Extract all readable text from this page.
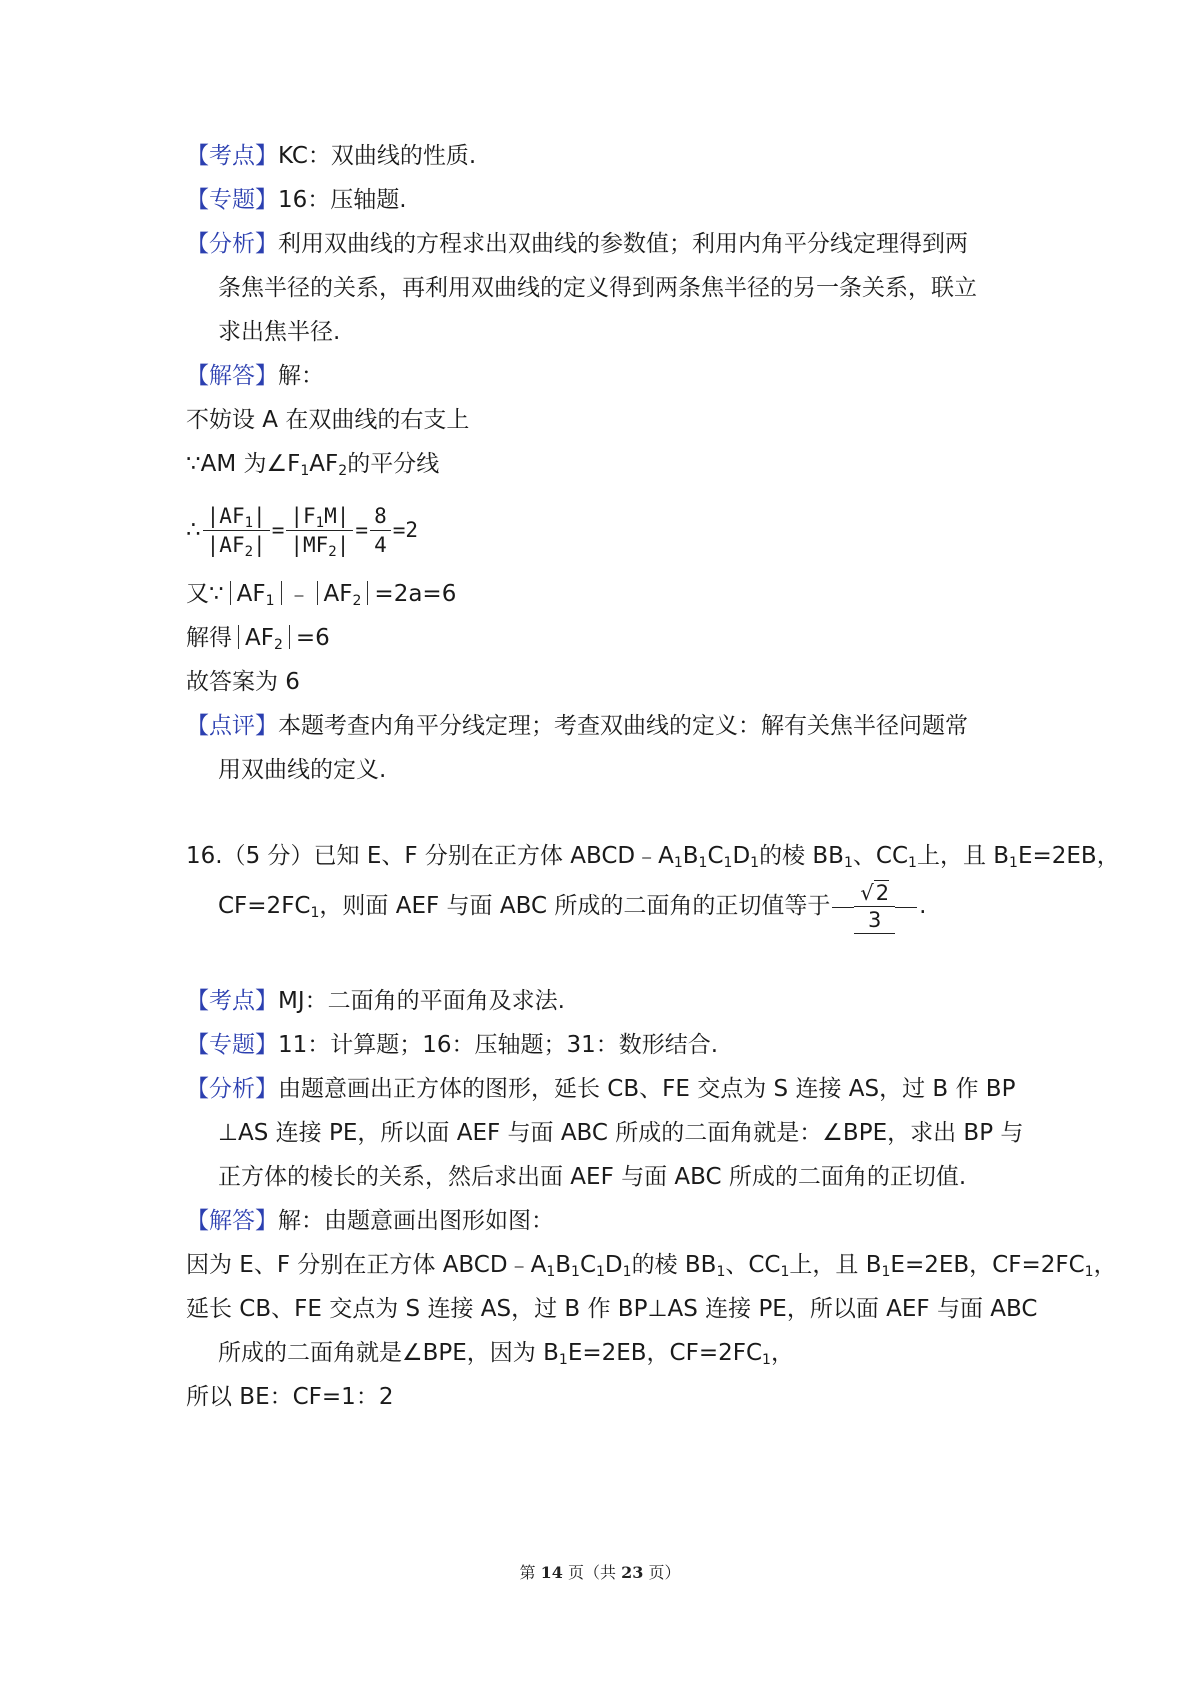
【考点】KC：双曲线的性质.
【专题】16：压轴题.
【分析】利用双曲线的方程求出双曲线的参数值；利用内角平分线定理得到两
条焦半径的关系，再利用双曲线的定义得到两条焦半径的另一条关系，联立
求出焦半径.
【解答】解：
不妨设 A 在双曲线的右支上
∵AM 为$\angle F_1AF_2$的平分线
∴ $\frac{|AF_1|}{|AF_2|} = \frac{|F_1M|}{|MF_2|} = \frac{8}{4} =2$
又∵ $AF_1$ ﹣ $AF_2 =2a=6$
解得 $AF_2 =6$
故答案为 6
【点评】本题考查内角平分线定理；考查双曲线的定义：解有关焦半径问题常
用双曲线的定义.
16.（5 分）已知 E、F 分别在正方体 $ABCD﹣A_1B_1C_1D_1$的棱 $BB_1$、$CC_1$上，且 $B_1E=2EB$，
$CF=2FC_1$，则面 AEF 与面 ABC 所成的二面角的正切值等于 $\frac{√2}{3}$ .
【考点】MJ：二面角的平面角及求法.
【专题】11：计算题；16：压轴题；31：数形结合.
【分析】由题意画出正方体的图形，延长 CB、FE 交点为 S 连接 AS，过 B 作 BP
⊥AS 连接 PE，所以面 AEF 与面 ABC 所成的二面角就是：∠BPE，求出 BP 与
正方体的棱长的关系，然后求出面 AEF 与面 ABC 所成的二面角的正切值.
【解答】解：由题意画出图形如图：
因为 E、F 分别在正方体 $ABCD﹣A_1B_1C_1D_1$的棱 $BB_1$、$CC_1$上，且 $B_1E=2EB$，$CF=2FC_1$，
延长 CB、FE 交点为 S 连接 AS，过 B 作 BP⊥AS 连接 PE，所以面 AEF 与面 ABC
所成的二面角就是∠BPE，因为 $B_1E=2EB$，$CF=2FC_1$，
所以 BE：CF=1：2
第 14 页（共 23 页）
